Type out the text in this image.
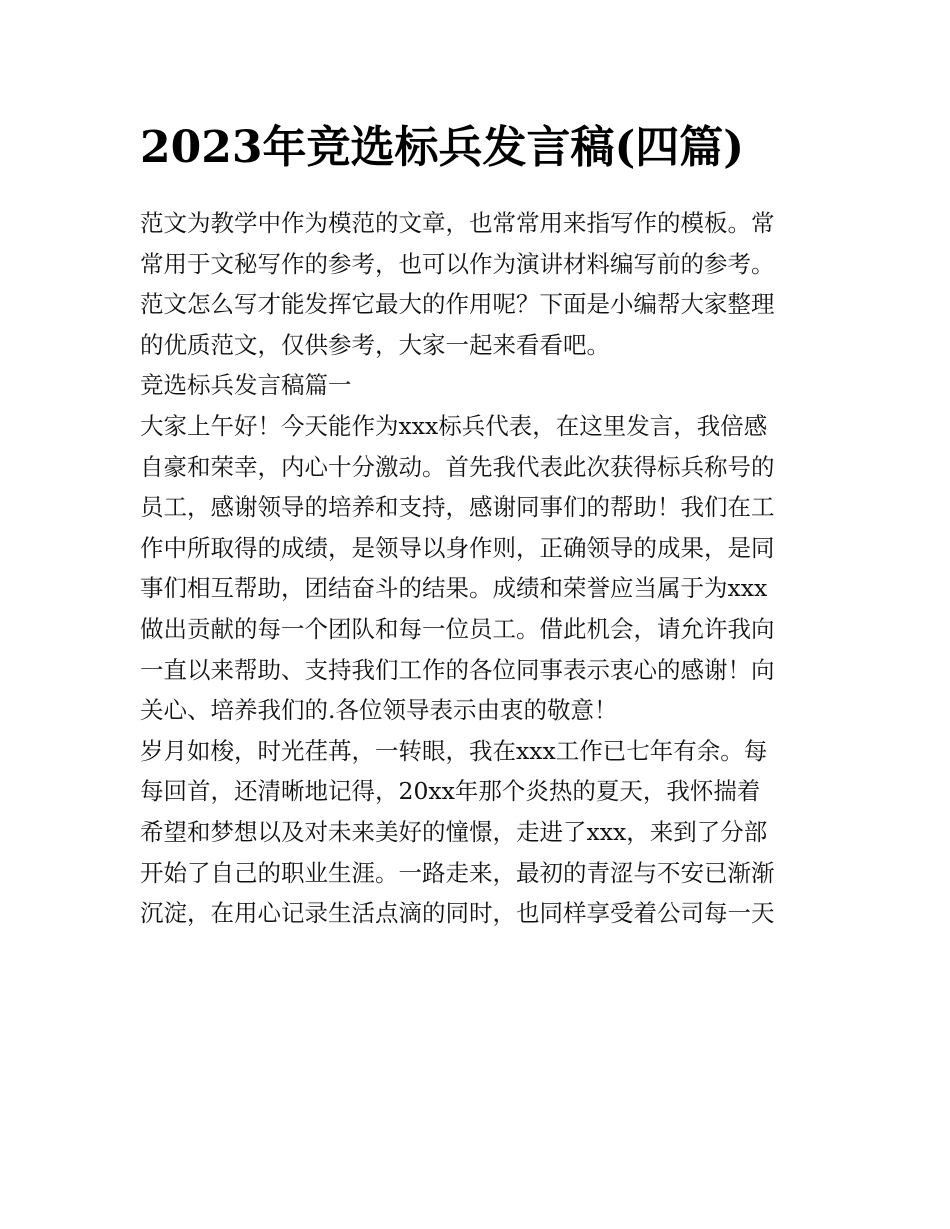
2023年竞选标兵发言稿(四篇)

范文为教学中作为模范的文章，也常常用来指写作的模板。常

常用于文秘写作的参考，也可以作为演讲材料编写前的参考。

范文怎么写才能发挥它最大的作用呢？下面是小编帮大家整理

的优质范文，仅供参考，大家一起来看看吧。

竞选标兵发言稿篇一

大家上午好！今天能作为xxx标兵代表，在这里发言，我倍感

自豪和荣幸，内心十分激动。首先我代表此次获得标兵称号的

员工，感谢领导的培养和支持，感谢同事们的帮助！我们在工

作中所取得的成绩，是领导以身作则，正确领导的成果，是同

事们相互帮助，团结奋斗的结果。成绩和荣誉应当属于为xxx

做出贡献的每一个团队和每一位员工。借此机会，请允许我向

一直以来帮助、支持我们工作的各位同事表示衷心的感谢！向

关心、培养我们的.各位领导表示由衷的敬意！

岁月如梭，时光荏苒，一转眼，我在xxx工作已七年有余。每

每回首，还清晰地记得，20xx年那个炎热的夏天，我怀揣着

希望和梦想以及对未来美好的憧憬，走进了xxx，来到了分部

开始了自己的职业生涯。一路走来，最初的青涩与不安已渐渐

沉淀，在用心记录生活点滴的同时，也同样享受着公司每一天
